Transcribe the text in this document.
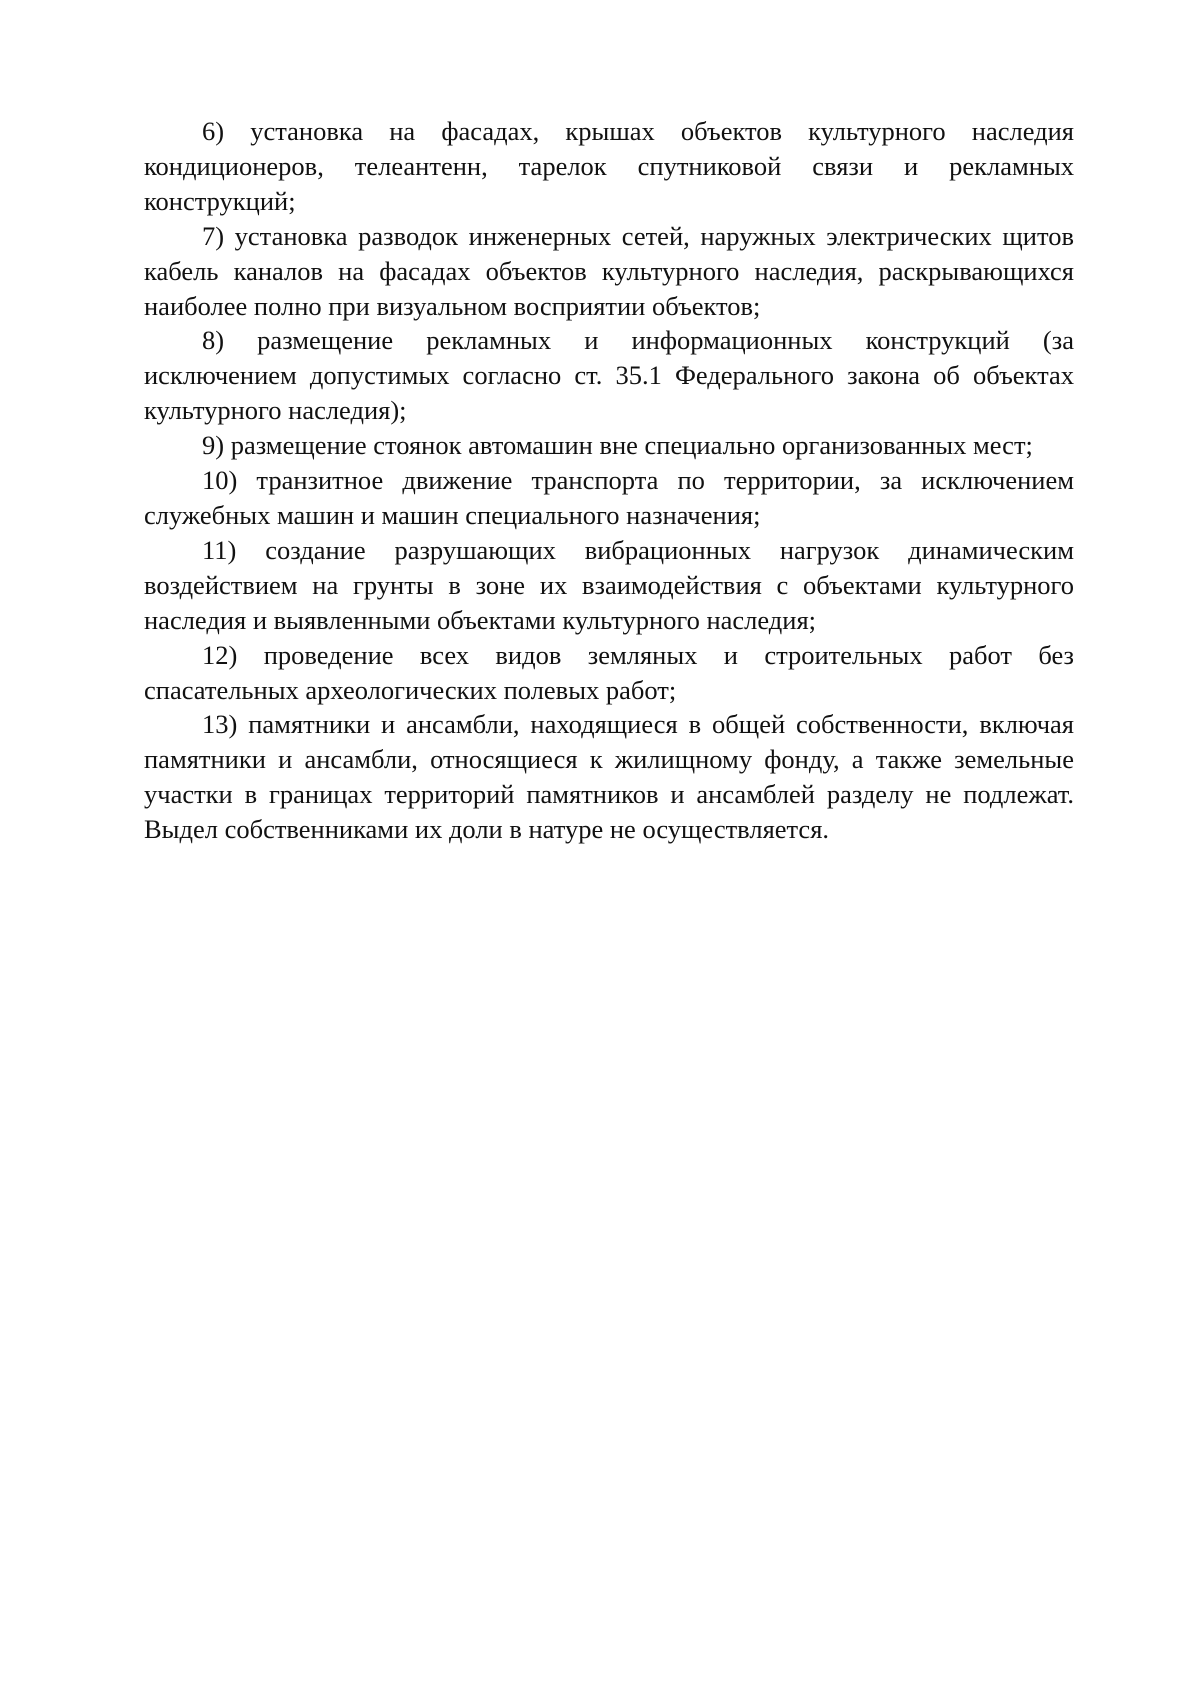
6) установка на фасадах, крышах объектов культурного наследия кондиционеров, телеантенн, тарелок спутниковой связи и рекламных конструкций;

7) установка разводок инженерных сетей, наружных электрических щитов кабель каналов на фасадах объектов культурного наследия, раскрывающихся наиболее полно при визуальном восприятии объектов;

8) размещение рекламных и информационных конструкций (за исключением допустимых согласно ст. 35.1 Федерального закона об объектах культурного наследия);

9) размещение стоянок автомашин вне специально организованных мест;

10) транзитное движение транспорта по территории, за исключением служебных машин и машин специального назначения;

11) создание разрушающих вибрационных нагрузок динамическим воздействием на грунты в зоне их взаимодействия с объектами культурного наследия и выявленными объектами культурного наследия;

12) проведение всех видов земляных и строительных работ без спасательных археологических полевых работ;

13) памятники и ансамбли, находящиеся в общей собственности, включая памятники и ансамбли, относящиеся к жилищному фонду, а также земельные участки в границах территорий памятников и ансамблей разделу не подлежат. Выдел собственниками их доли в натуре не осуществляется.
